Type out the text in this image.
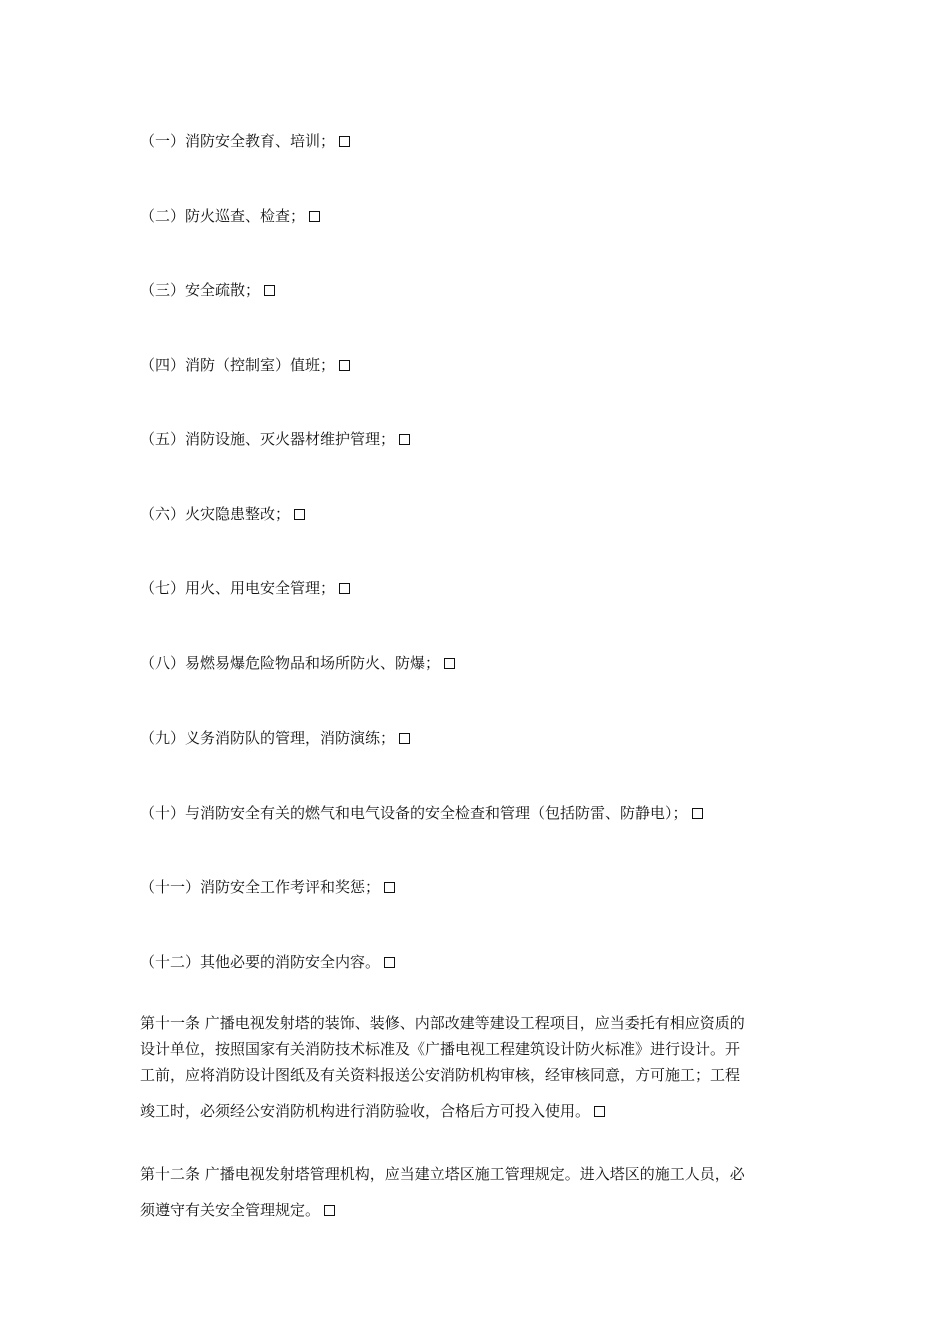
（一）消防安全教育、培训；
（二）防火巡查、检查；
（三）安全疏散；
（四）消防（控制室）值班；
（五）消防设施、灭火器材维护管理；
（六）火灾隐患整改；
（七）用火、用电安全管理；
（八）易燃易爆危险物品和场所防火、防爆；
（九）义务消防队的管理，消防演练；
（十）与消防安全有关的燃气和电气设备的安全检查和管理（包括防雷、防静电）；
（十一）消防安全工作考评和奖惩；
（十二）其他必要的消防安全内容。
第十一条 广播电视发射塔的装饰、装修、内部改建等建设工程项目，应当委托有相应资质的
设计单位，按照国家有关消防技术标准及《广播电视工程建筑设计防火标准》进行设计。开
工前，应将消防设计图纸及有关资料报送公安消防机构审核，经审核同意，方可施工；工程
竣工时，必须经公安消防机构进行消防验收，合格后方可投入使用。
第十二条 广播电视发射塔管理机构，应当建立塔区施工管理规定。进入塔区的施工人员，必
须遵守有关安全管理规定。
